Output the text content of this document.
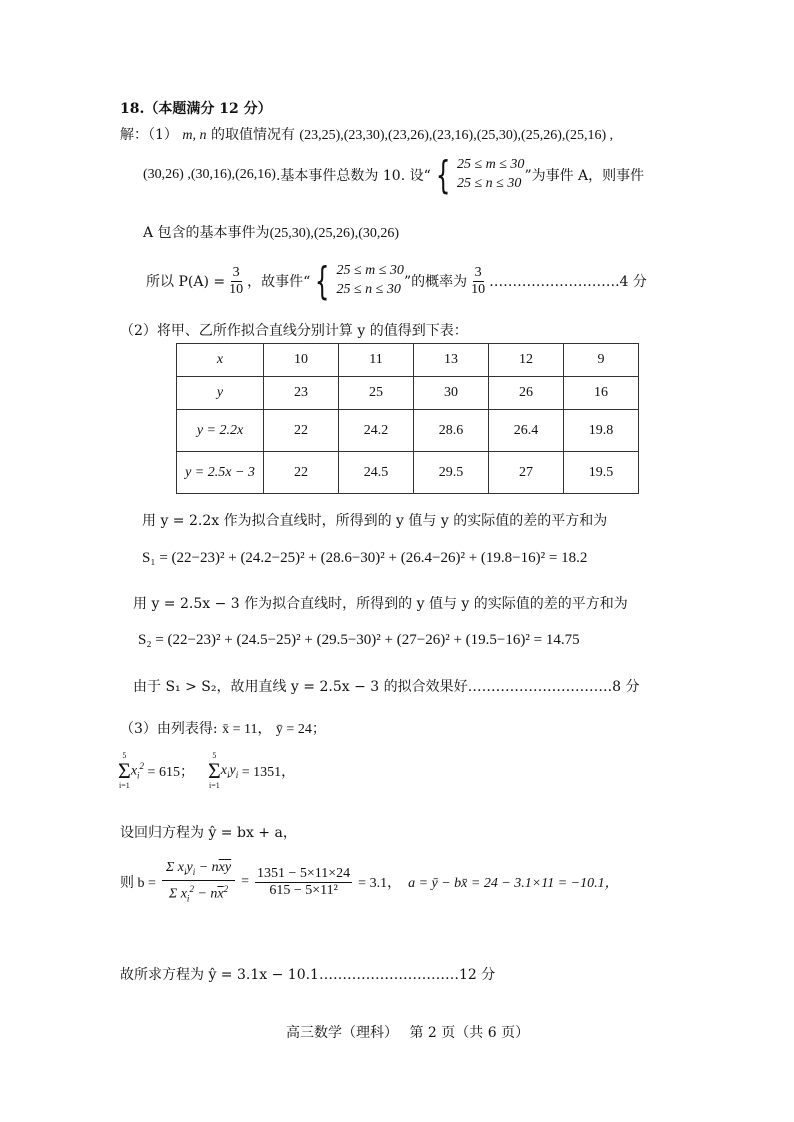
18.（本题满分 12 分）
解：（1） m, n 的取值情况有 (23,25),(23,30),(23,26),(23,16),(25,30),(25,26),(25,16) ,
(30,26) ,(30,16),(26,16) .基本事件总数为 10. 设“ { 25 ≤ m ≤ 30
25 ≤ n ≤ 30 ”为事件 A，则事件
A 包含的基本事件为(25,30),(25,26),(30,26)
所以 $P(A) = \frac{3}{10}$ ，故事件“ { 25 ≤ m ≤ 30
25 ≤ n ≤ 30 ”的概率为 $\frac{3}{10}$ ……………………….4 分
（2）将甲、乙所作拟合直线分别计算 y 的值得到下表：
x	10	11	13	12	9
y	23	25	30	26	16
y = 2.2x	22	24.2	28.6	26.4	19.8
y = 2.5x − 3	22	24.5	29.5	27	19.5
用 y = 2.2x 作为拟合直线时，所得到的 y 值与 y 的实际值的差的平方和为
S₁ = (22−23)² + (24.2−25)² + (28.6−30)² + (26.4−26)² + (19.8−16)² = 18.2
用 y = 2.5x − 3 作为拟合直线时，所得到的 y 值与 y 的实际值的差的平方和为
S₂ = (22−23)² + (24.5−25)² + (29.5−30)² + (27−26)² + (19.5−16)² = 14.75
由于 S₁ > S₂，故用直线 y = 2.5x − 3 的拟合效果好………………………….8 分
（3）由列表得: x̄ = 11， ȳ = 24；
5
Σ
i=1
$x_i^2$
= 615；

5
Σ
i=1
$x_iy_i$
= 1351，
设回归方程为 ŷ = bx + a，
则 $b = \frac{\Sigma x_iy_i - n\overline{x}\overline{y}}{\Sigma x_i^2 - n\overline{x}^2} = \frac{1351 - 5\times 11\times 24}{\text{615 − 5×11²}} = 3.1$，
a = ȳ − bx̄ = 24 − 3.1×11 = −10.1，
故所求方程为 ŷ = 3.1x − 10.1…………………………12 分
高三数学（理科）　 第 2 页（共 6 页）
